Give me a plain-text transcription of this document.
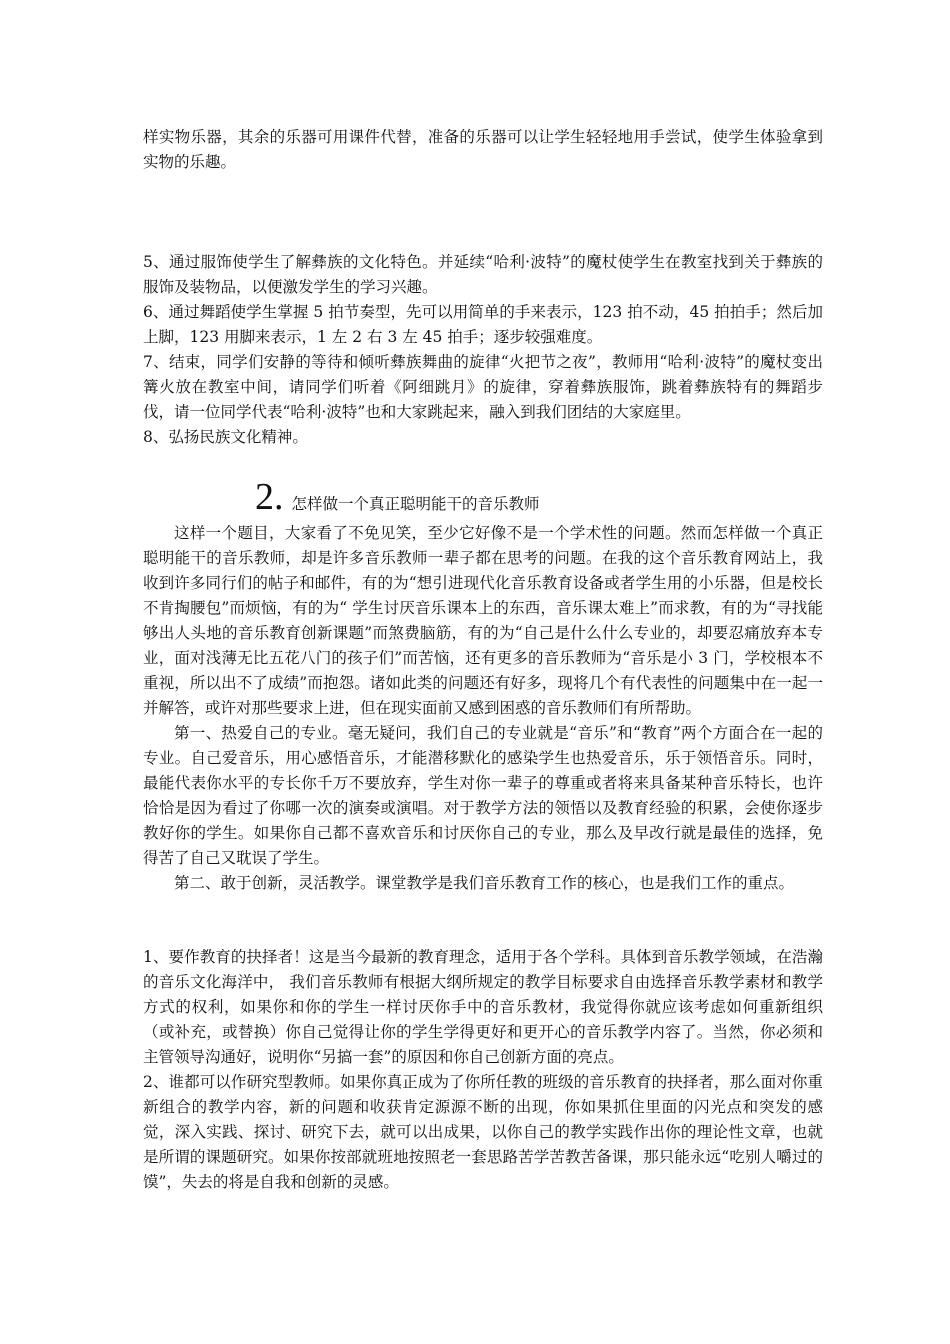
样实物乐器，其余的乐器可用课件代替，准备的乐器可以让学生轻轻地用手尝试，使学生体验拿到实物的乐趣。

5、通过服饰使学生了解彝族的文化特色。并延续“哈利·波特”的魔杖使学生在教室找到关于彝族的服饰及装物品，以便激发学生的学习兴趣。

6、通过舞蹈使学生掌握 5 拍节奏型，先可以用简单的手来表示，123 拍不动，45 拍拍手；然后加上脚，123 用脚来表示，1 左 2 右 3 左 45 拍手；逐步较强难度。

7、结束，同学们安静的等待和倾听彝族舞曲的旋律“火把节之夜”，教师用“哈利·波特”的魔杖变出篝火放在教室中间，请同学们听着《阿细跳月》的旋律，穿着彝族服饰，跳着彝族特有的舞蹈步伐，请一位同学代表“哈利·波特”也和大家跳起来，融入到我们团结的大家庭里。

8、弘扬民族文化精神。

2. 怎样做一个真正聪明能干的音乐教师

这样一个题目，大家看了不免见笑，至少它好像不是一个学术性的问题。然而怎样做一个真正聪明能干的音乐教师，却是许多音乐教师一辈子都在思考的问题。在我的这个音乐教育网站上，我收到许多同行们的帖子和邮件，有的为“想引进现代化音乐教育设备或者学生用的小乐器，但是校长不肯掏腰包”而烦恼，有的为“ 学生讨厌音乐课本上的东西，音乐课太难上”而求教，有的为“寻找能够出人头地的音乐教育创新课题”而煞费脑筋，有的为“自己是什么什么专业的，却要忍痛放弃本专业，面对浅薄无比五花八门的孩子们”而苦恼，还有更多的音乐教师为“音乐是小 3 门，学校根本不重视，所以出不了成绩”而抱怨。诸如此类的问题还有好多，现将几个有代表性的问题集中在一起一并解答，或许对那些要求上进，但在现实面前又感到困惑的音乐教师们有所帮助。

第一、热爱自己的专业。毫无疑问，我们自己的专业就是“音乐”和“教育”两个方面合在一起的专业。自己爱音乐，用心感悟音乐，才能潜移默化的感染学生也热爱音乐，乐于领悟音乐。同时，最能代表你水平的专长你千万不要放弃，学生对你一辈子的尊重或者将来具备某种音乐特长，也许恰恰是因为看过了你哪一次的演奏或演唱。对于教学方法的领悟以及教育经验的积累，会使你逐步教好你的学生。如果你自己都不喜欢音乐和讨厌你自己的专业，那么及早改行就是最佳的选择，免得苦了自己又耽误了学生。

第二、敢于创新，灵活教学。课堂教学是我们音乐教育工作的核心，也是我们工作的重点。

1、要作教育的抉择者！这是当今最新的教育理念，适用于各个学科。具体到音乐教学领域，在浩瀚的音乐文化海洋中， 我们音乐教师有根据大纲所规定的教学目标要求自由选择音乐教学素材和教学方式的权利，如果你和你的学生一样讨厌你手中的音乐教材，我觉得你就应该考虑如何重新组织（或补充，或替换）你自己觉得让你的学生学得更好和更开心的音乐教学内容了。当然，你必须和主管领导沟通好，说明你“另搞一套”的原因和你自己创新方面的亮点。

2、谁都可以作研究型教师。如果你真正成为了你所任教的班级的音乐教育的抉择者，那么面对你重新组合的教学内容，新的问题和收获肯定源源不断的出现，你如果抓住里面的闪光点和突发的感觉，深入实践、探讨、研究下去，就可以出成果，以你自己的教学实践作出你的理论性文章，也就是所谓的课题研究。如果你按部就班地按照老一套思路苦学苦教苦备课，那只能永远“吃别人嚼过的馍”，失去的将是自我和创新的灵感。
